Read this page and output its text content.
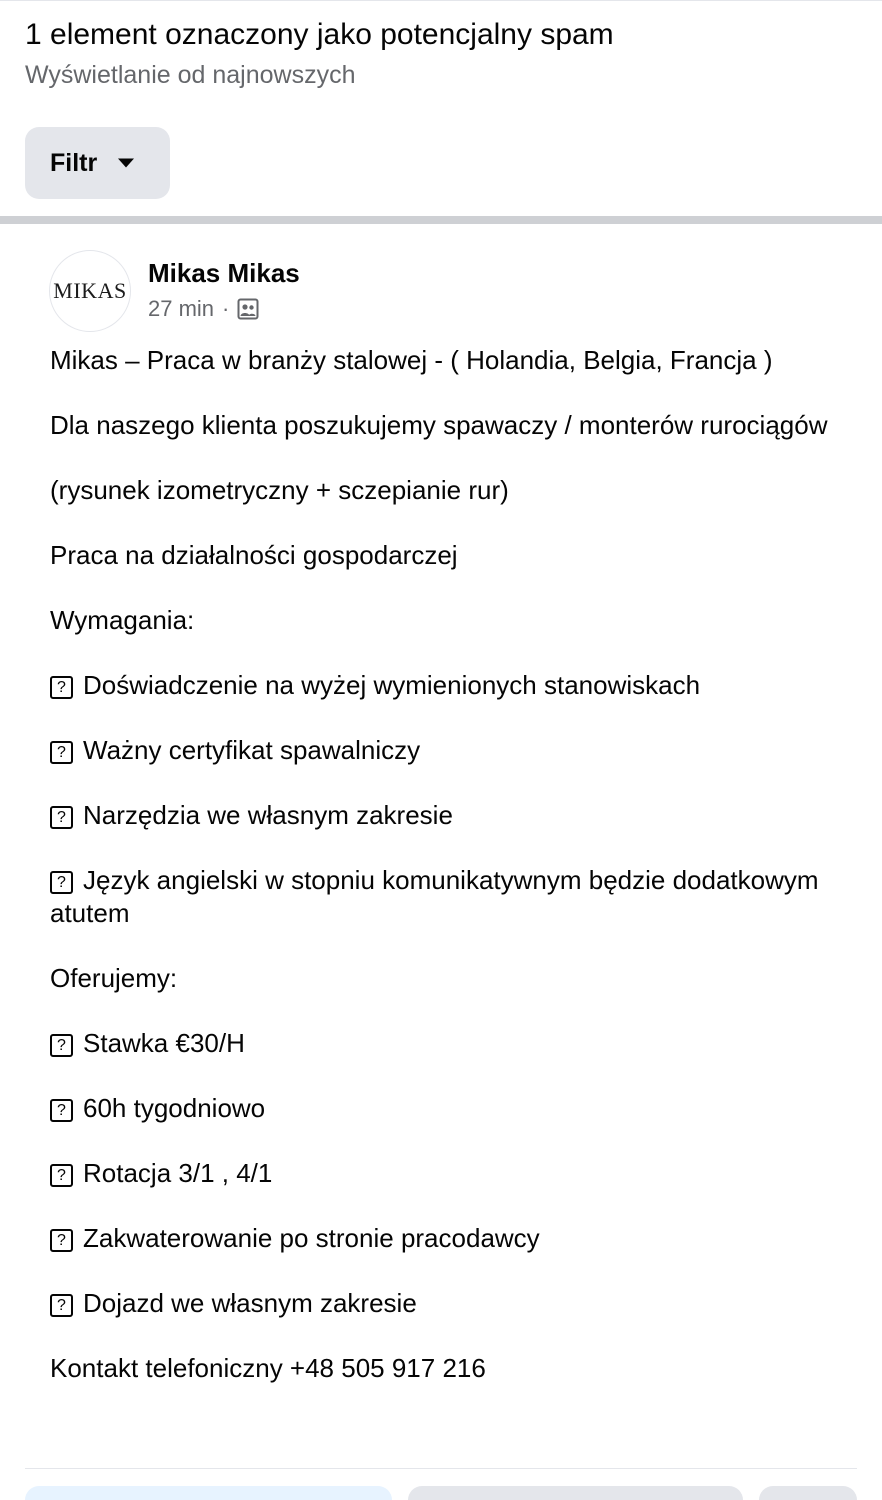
1 element oznaczony jako potencjalny spam
Wyświetlanie od najnowszych
Filtr
MIKAS
Mikas Mikas
27 min ·
Mikas – Praca w branży stalowej - ( Holandia, Belgia, Francja )
Dla naszego klienta poszukujemy spawaczy / monterów rurociągów
(rysunek izometryczny + sczepianie rur)
Praca na działalności gospodarczej
Wymagania:
? Doświadczenie na wyżej wymienionych stanowiskach
? Ważny certyfikat spawalniczy
? Narzędzia we własnym zakresie
? Język angielski w stopniu komunikatywnym będzie dodatkowym atutem
Oferujemy:
? Stawka €30/H
? 60h tygodniowo
? Rotacja 3/1 , 4/1
? Zakwaterowanie po stronie pracodawcy
? Dojazd we własnym zakresie
Kontakt telefoniczny +48 505 917 216
